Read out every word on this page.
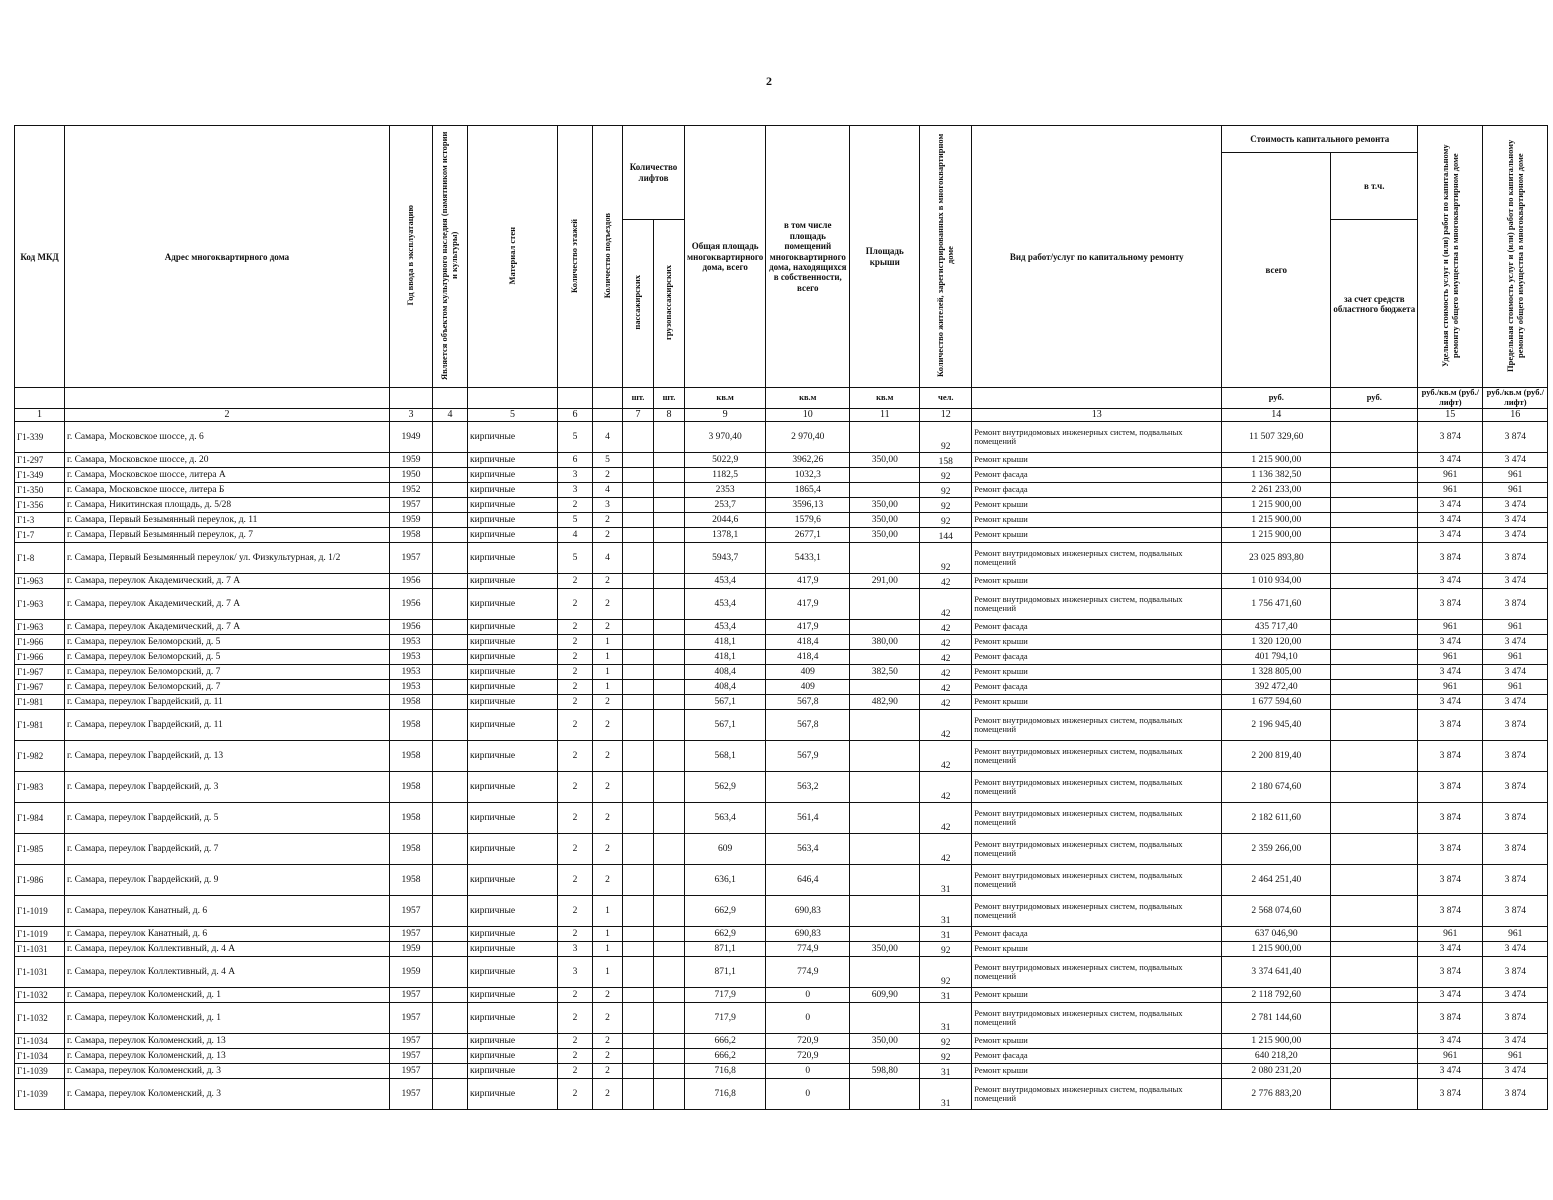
2
Код МКД	Адрес многоквартирного дома	Год ввода в эксплуатацию	Является объектом культурного наследия (памятником истории и культуры)	Материал стен	Количество этажей	Количество подъездов	Количество лифтов		Общая площадь многоквартирного дома, всего	в том числе площадь помещений многоквартирного дома, находящихся в собственности, всего	Площадь крыши	Количество жителей, зарегистрированных в многоквартирном доме	Вид работ/услуг по капитальному ремонту	Стоимость капитального ремонта		Удельная стоимость услуг и (или) работ по капитальному ремонту общего имущества в многоквартирном доме	Предельная стоимость услуг и (или) работ по капитальному ремонту общего имущества в многоквартирном доме
														всего	в т.ч.		
							пассажирских	грузопассажирских							за счет средств областного бюджета		
							шт.	шт.	кв.м	кв.м	кв.м	чел.		руб.	руб.	руб./кв.м (руб./лифт)	руб./кв.м (руб./лифт)
1	2	3	4	5	6		7	8	9	10	11	12	13	14		15	16
Г1-339	г. Самара, Московское шоссе, д. 6	1949		кирпичные	5	4			3 970,40	2 970,40		92	Ремонт внутридомовых инженерных систем, подвальных помещений	11 507 329,60		3 874	3 874
Г1-297	г. Самара, Московское шоссе, д. 20	1959		кирпичные	6	5			5022,9	3962,26	350,00	158	Ремонт крыши	1 215 900,00		3 474	3 474
Г1-349	г. Самара, Московское шоссе, литера А	1950		кирпичные	3	2			1182,5	1032,3		92	Ремонт фасада	1 136 382,50		961	961
Г1-350	г. Самара, Московское шоссе, литера Б	1952		кирпичные	3	4			2353	1865,4		92	Ремонт фасада	2 261 233,00		961	961
Г1-356	г. Самара, Никитинская площадь, д. 5/28	1957		кирпичные	2	3			253,7	3596,13	350,00	92	Ремонт крыши	1 215 900,00		3 474	3 474
Г1-3	г. Самара, Первый Безымянный переулок, д. 11	1959		кирпичные	5	2			2044,6	1579,6	350,00	92	Ремонт крыши	1 215 900,00		3 474	3 474
Г1-7	г. Самара, Первый Безымянный переулок, д. 7	1958		кирпичные	4	2			1378,1	2677,1	350,00	144	Ремонт крыши	1 215 900,00		3 474	3 474
Г1-8	г. Самара, Первый Безымянный переулок/ ул. Физкультурная, д. 1/2	1957		кирпичные	5	4			5943,7	5433,1		92	Ремонт внутридомовых инженерных систем, подвальных помещений	23 025 893,80		3 874	3 874
Г1-963	г. Самара, переулок Академический, д. 7 А	1956		кирпичные	2	2			453,4	417,9	291,00	42	Ремонт крыши	1 010 934,00		3 474	3 474
Г1-963	г. Самара, переулок Академический, д. 7 А	1956		кирпичные	2	2			453,4	417,9		42	Ремонт внутридомовых инженерных систем, подвальных помещений	1 756 471,60		3 874	3 874
Г1-963	г. Самара, переулок Академический, д. 7 А	1956		кирпичные	2	2			453,4	417,9		42	Ремонт фасада	435 717,40		961	961
Г1-966	г. Самара, переулок Беломорский, д. 5	1953		кирпичные	2	1			418,1	418,4	380,00	42	Ремонт крыши	1 320 120,00		3 474	3 474
Г1-966	г. Самара, переулок Беломорский, д. 5	1953		кирпичные	2	1			418,1	418,4		42	Ремонт фасада	401 794,10		961	961
Г1-967	г. Самара, переулок Беломорский, д. 7	1953		кирпичные	2	1			408,4	409	382,50	42	Ремонт крыши	1 328 805,00		3 474	3 474
Г1-967	г. Самара, переулок Беломорский, д. 7	1953		кирпичные	2	1			408,4	409		42	Ремонт фасада	392 472,40		961	961
Г1-981	г. Самара, переулок Гвардейский, д. 11	1958		кирпичные	2	2			567,1	567,8	482,90	42	Ремонт крыши	1 677 594,60		3 474	3 474
Г1-981	г. Самара, переулок Гвардейский, д. 11	1958		кирпичные	2	2			567,1	567,8		42	Ремонт внутридомовых инженерных систем, подвальных помещений	2 196 945,40		3 874	3 874
Г1-982	г. Самара, переулок Гвардейский, д. 13	1958		кирпичные	2	2			568,1	567,9		42	Ремонт внутридомовых инженерных систем, подвальных помещений	2 200 819,40		3 874	3 874
Г1-983	г. Самара, переулок Гвардейский, д. 3	1958		кирпичные	2	2			562,9	563,2		42	Ремонт внутридомовых инженерных систем, подвальных помещений	2 180 674,60		3 874	3 874
Г1-984	г. Самара, переулок Гвардейский, д. 5	1958		кирпичные	2	2			563,4	561,4		42	Ремонт внутридомовых инженерных систем, подвальных помещений	2 182 611,60		3 874	3 874
Г1-985	г. Самара, переулок Гвардейский, д. 7	1958		кирпичные	2	2			609	563,4		42	Ремонт внутридомовых инженерных систем, подвальных помещений	2 359 266,00		3 874	3 874
Г1-986	г. Самара, переулок Гвардейский, д. 9	1958		кирпичные	2	2			636,1	646,4		31	Ремонт внутридомовых инженерных систем, подвальных помещений	2 464 251,40		3 874	3 874
Г1-1019	г. Самара, переулок Канатный, д. 6	1957		кирпичные	2	1			662,9	690,83		31	Ремонт внутридомовых инженерных систем, подвальных помещений	2 568 074,60		3 874	3 874
Г1-1019	г. Самара, переулок Канатный, д. 6	1957		кирпичные	2	1			662,9	690,83		31	Ремонт фасада	637 046,90		961	961
Г1-1031	г. Самара, переулок Коллективный, д. 4 А	1959		кирпичные	3	1			871,1	774,9	350,00	92	Ремонт крыши	1 215 900,00		3 474	3 474
Г1-1031	г. Самара, переулок Коллективный, д. 4 А	1959		кирпичные	3	1			871,1	774,9		92	Ремонт внутридомовых инженерных систем, подвальных помещений	3 374 641,40		3 874	3 874
Г1-1032	г. Самара, переулок Коломенский, д. 1	1957		кирпичные	2	2			717,9	0	609,90	31	Ремонт крыши	2 118 792,60		3 474	3 474
Г1-1032	г. Самара, переулок Коломенский, д. 1	1957		кирпичные	2	2			717,9	0		31	Ремонт внутридомовых инженерных систем, подвальных помещений	2 781 144,60		3 874	3 874
Г1-1034	г. Самара, переулок Коломенский, д. 13	1957		кирпичные	2	2			666,2	720,9	350,00	92	Ремонт крыши	1 215 900,00		3 474	3 474
Г1-1034	г. Самара, переулок Коломенский, д. 13	1957		кирпичные	2	2			666,2	720,9		92	Ремонт фасада	640 218,20		961	961
Г1-1039	г. Самара, переулок Коломенский, д. 3	1957		кирпичные	2	2			716,8	0	598,80	31	Ремонт крыши	2 080 231,20		3 474	3 474
Г1-1039	г. Самара, переулок Коломенский, д. 3	1957		кирпичные	2	2			716,8	0		31	Ремонт внутридомовых инженерных систем, подвальных помещений	2 776 883,20		3 874	3 874
